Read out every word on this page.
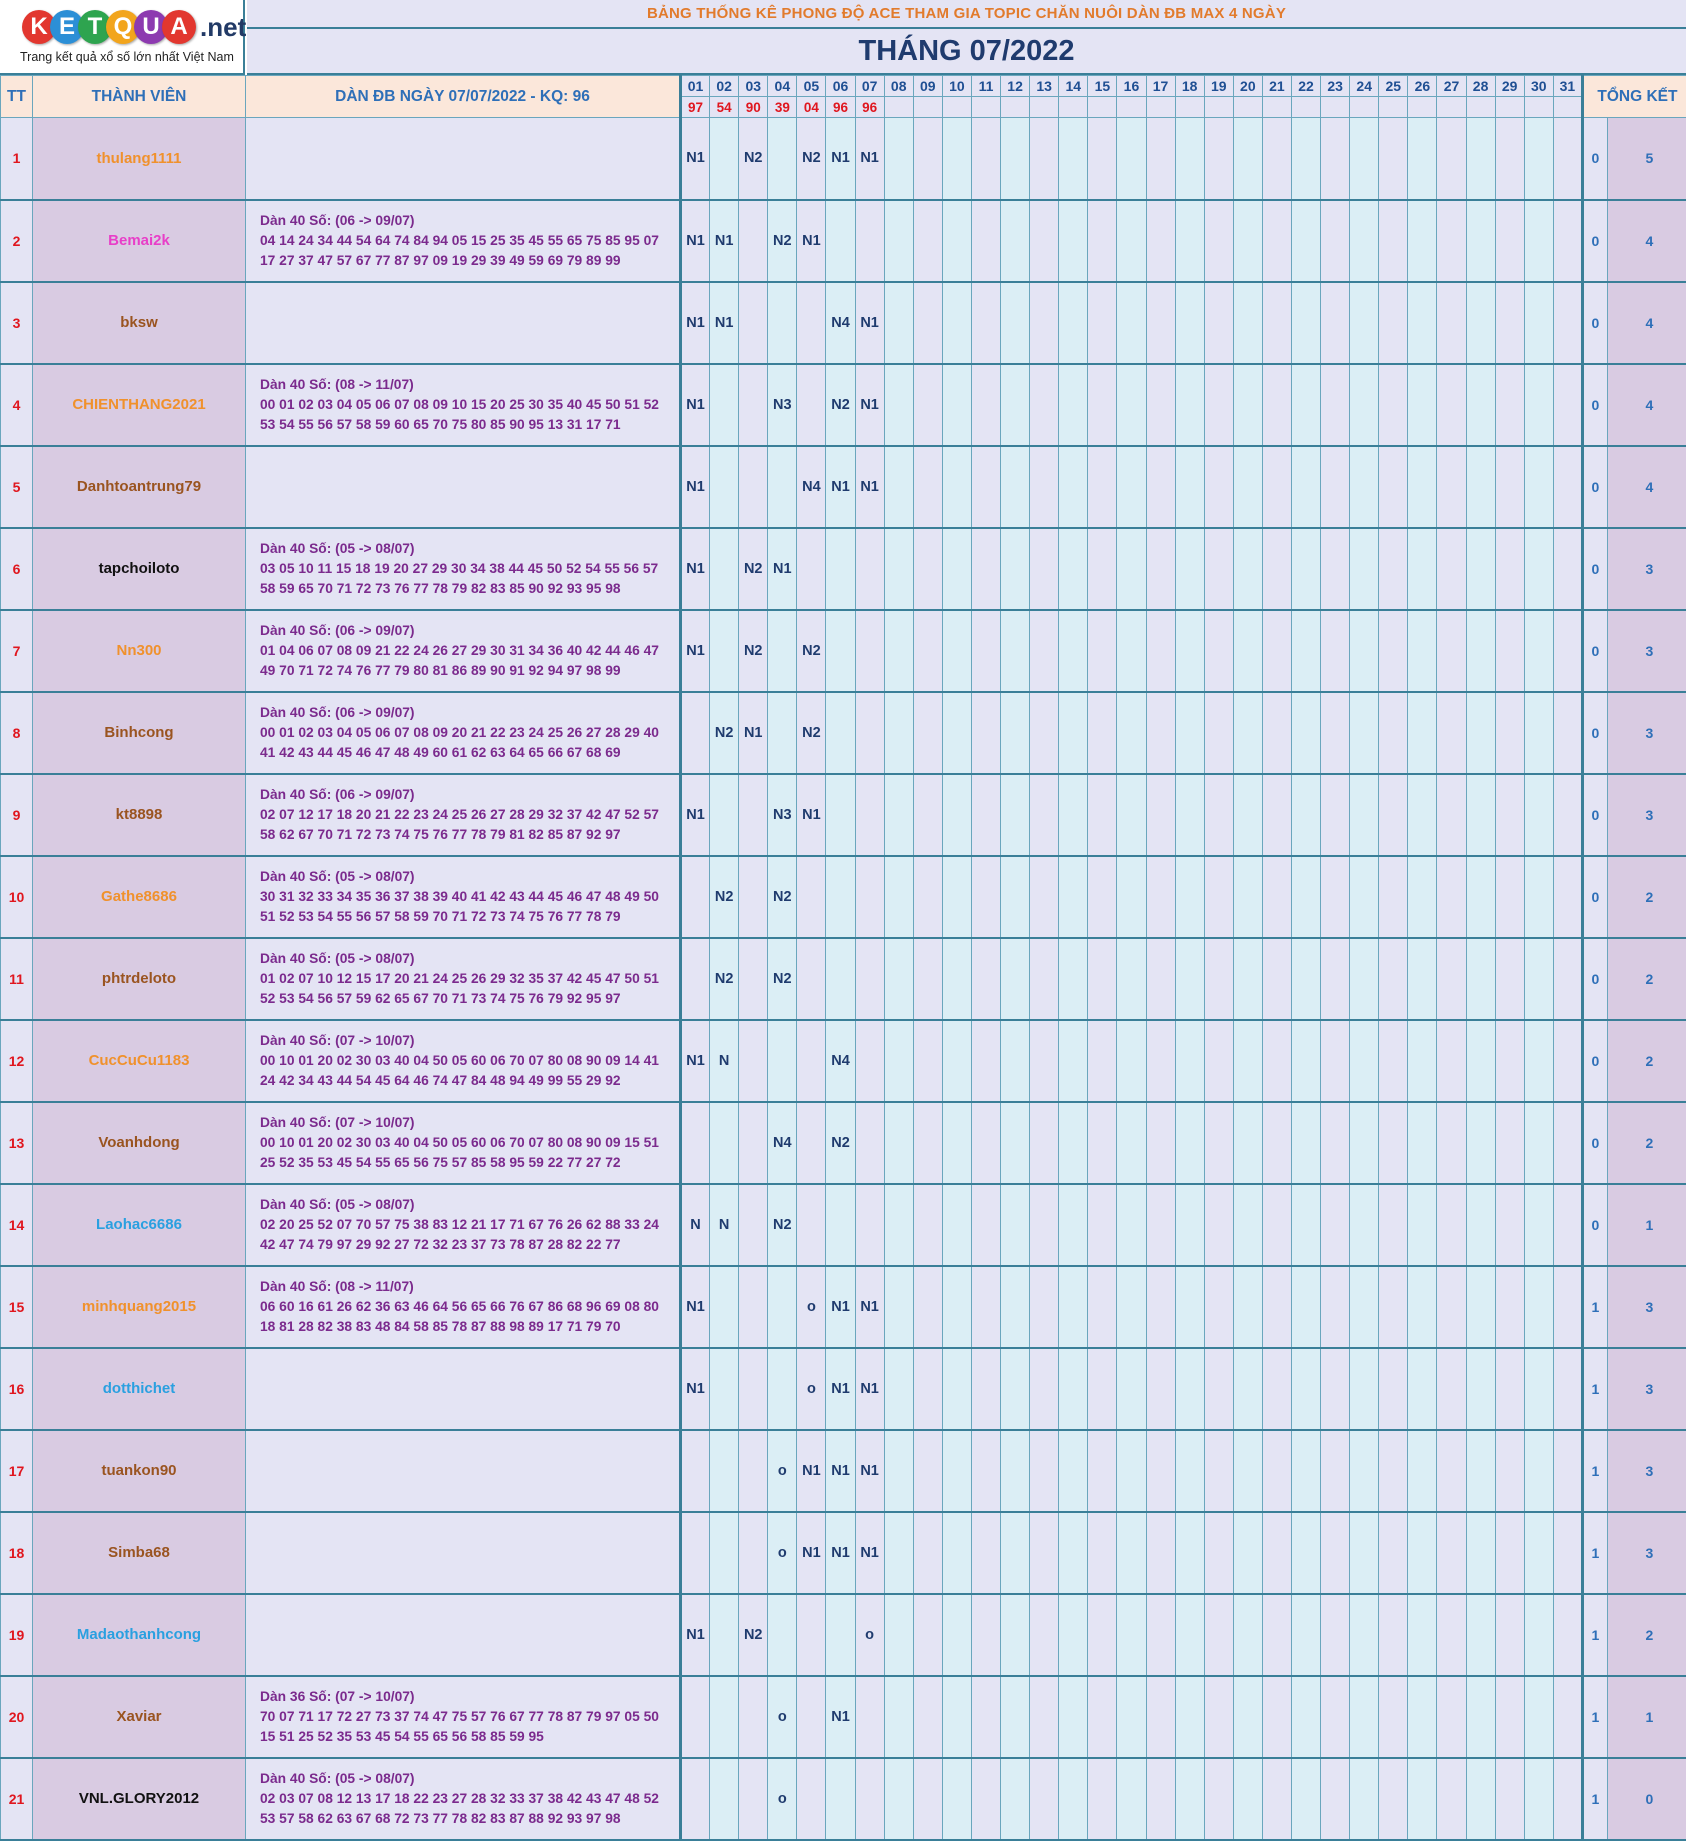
K E T Q U A .net
Trang kết quả xổ số lớn nhất Việt Nam
BẢNG THỐNG KÊ PHONG ĐỘ ACE THAM GIA TOPIC CHĂN NUÔI DÀN ĐB MAX 4 NGÀY
THÁNG 07/2022
TT	THÀNH VIÊN	DÀN ĐB NGÀY 07/07/2022 - KQ: 96	01	02	03	04	05	06	07	08	09	10	11	12	13	14	15	16	17	18	19	20	21	22	23	24	25	26	27	28	29	30	31	TỔNG KẾT	
			97	54	90	39	04	96	96																										
1	thulang1111		N1		N2		N2	N1	N1																									0	5
2	Bemai2k	Dàn 40 Số: (06 -> 09/07)
04 14 24 34 44 54 64 74 84 94 05 15 25 35 45 55 65 75 85 95 07
17 27 37 47 57 67 77 87 97 09 19 29 39 49 59 69 79 89 99	N1	N1		N2	N1																											0	4
3	bksw		N1	N1				N4	N1																									0	4
4	CHIENTHANG2021	Dàn 40 Số: (08 -> 11/07)
00 01 02 03 04 05 06 07 08 09 10 15 20 25 30 35 40 45 50 51 52
53 54 55 56 57 58 59 60 65 70 75 80 85 90 95 13 31 17 71	N1			N3		N2	N1																									0	4
5	Danhtoantrung79		N1				N4	N1	N1																									0	4
6	tapchoiloto	Dàn 40 Số: (05 -> 08/07)
03 05 10 11 15 18 19 20 27 29 30 34 38 44 45 50 52 54 55 56 57
58 59 65 70 71 72 73 76 77 78 79 82 83 85 90 92 93 95 98	N1		N2	N1																												0	3
7	Nn300	Dàn 40 Số: (06 -> 09/07)
01 04 06 07 08 09 21 22 24 26 27 29 30 31 34 36 40 42 44 46 47
49 70 71 72 74 76 77 79 80 81 86 89 90 91 92 94 97 98 99	N1		N2		N2																											0	3
8	Binhcong	Dàn 40 Số: (06 -> 09/07)
00 01 02 03 04 05 06 07 08 09 20 21 22 23 24 25 26 27 28 29 40
41 42 43 44 45 46 47 48 49 60 61 62 63 64 65 66 67 68 69		N2	N1		N2																											0	3
9	kt8898	Dàn 40 Số: (06 -> 09/07)
02 07 12 17 18 20 21 22 23 24 25 26 27 28 29 32 37 42 47 52 57
58 62 67 70 71 72 73 74 75 76 77 78 79 81 82 85 87 92 97	N1			N3	N1																											0	3
10	Gathe8686	Dàn 40 Số: (05 -> 08/07)
30 31 32 33 34 35 36 37 38 39 40 41 42 43 44 45 46 47 48 49 50
51 52 53 54 55 56 57 58 59 70 71 72 73 74 75 76 77 78 79		N2		N2																												0	2
11	phtrdeloto	Dàn 40 Số: (05 -> 08/07)
01 02 07 10 12 15 17 20 21 24 25 26 29 32 35 37 42 45 47 50 51
52 53 54 56 57 59 62 65 67 70 71 73 74 75 76 79 92 95 97		N2		N2																												0	2
12	CucCuCu1183	Dàn 40 Số: (07 -> 10/07)
00 10 01 20 02 30 03 40 04 50 05 60 06 70 07 80 08 90 09 14 41
24 42 34 43 44 54 45 64 46 74 47 84 48 94 49 99 55 29 92	N1	N				N4																										0	2
13	Voanhdong	Dàn 40 Số: (07 -> 10/07)
00 10 01 20 02 30 03 40 04 50 05 60 06 70 07 80 08 90 09 15 51
25 52 35 53 45 54 55 65 56 75 57 85 58 95 59 22 77 27 72				N4		N2																										0	2
14	Laohac6686	Dàn 40 Số: (05 -> 08/07)
02 20 25 52 07 70 57 75 38 83 12 21 17 71 67 76 26 62 88 33 24
42 47 74 79 97 29 92 27 72 32 23 37 73 78 87 28 82 22 77	N	N		N2																												0	1
15	minhquang2015	Dàn 40 Số: (08 -> 11/07)
06 60 16 61 26 62 36 63 46 64 56 65 66 76 67 86 68 96 69 08 80
18 81 28 82 38 83 48 84 58 85 78 87 88 98 89 17 71 79 70	N1				o	N1	N1																									1	3
16	dotthichet		N1				o	N1	N1																									1	3
17	tuankon90					o	N1	N1	N1																									1	3
18	Simba68					o	N1	N1	N1																									1	3
19	Madaothanhcong		N1		N2				o																									1	2
20	Xaviar	Dàn 36 Số: (07 -> 10/07)
70 07 71 17 72 27 73 37 74 47 75 57 76 67 77 78 87 79 97 05 50
15 51 25 52 35 53 45 54 55 65 56 58 85 59 95				o		N1																										1	1
21	VNL.GLORY2012	Dàn 40 Số: (05 -> 08/07)
02 03 07 08 12 13 17 18 22 23 27 28 32 33 37 38 42 43 47 48 52
53 57 58 62 63 67 68 72 73 77 78 82 83 87 88 92 93 97 98				o																												1	0
